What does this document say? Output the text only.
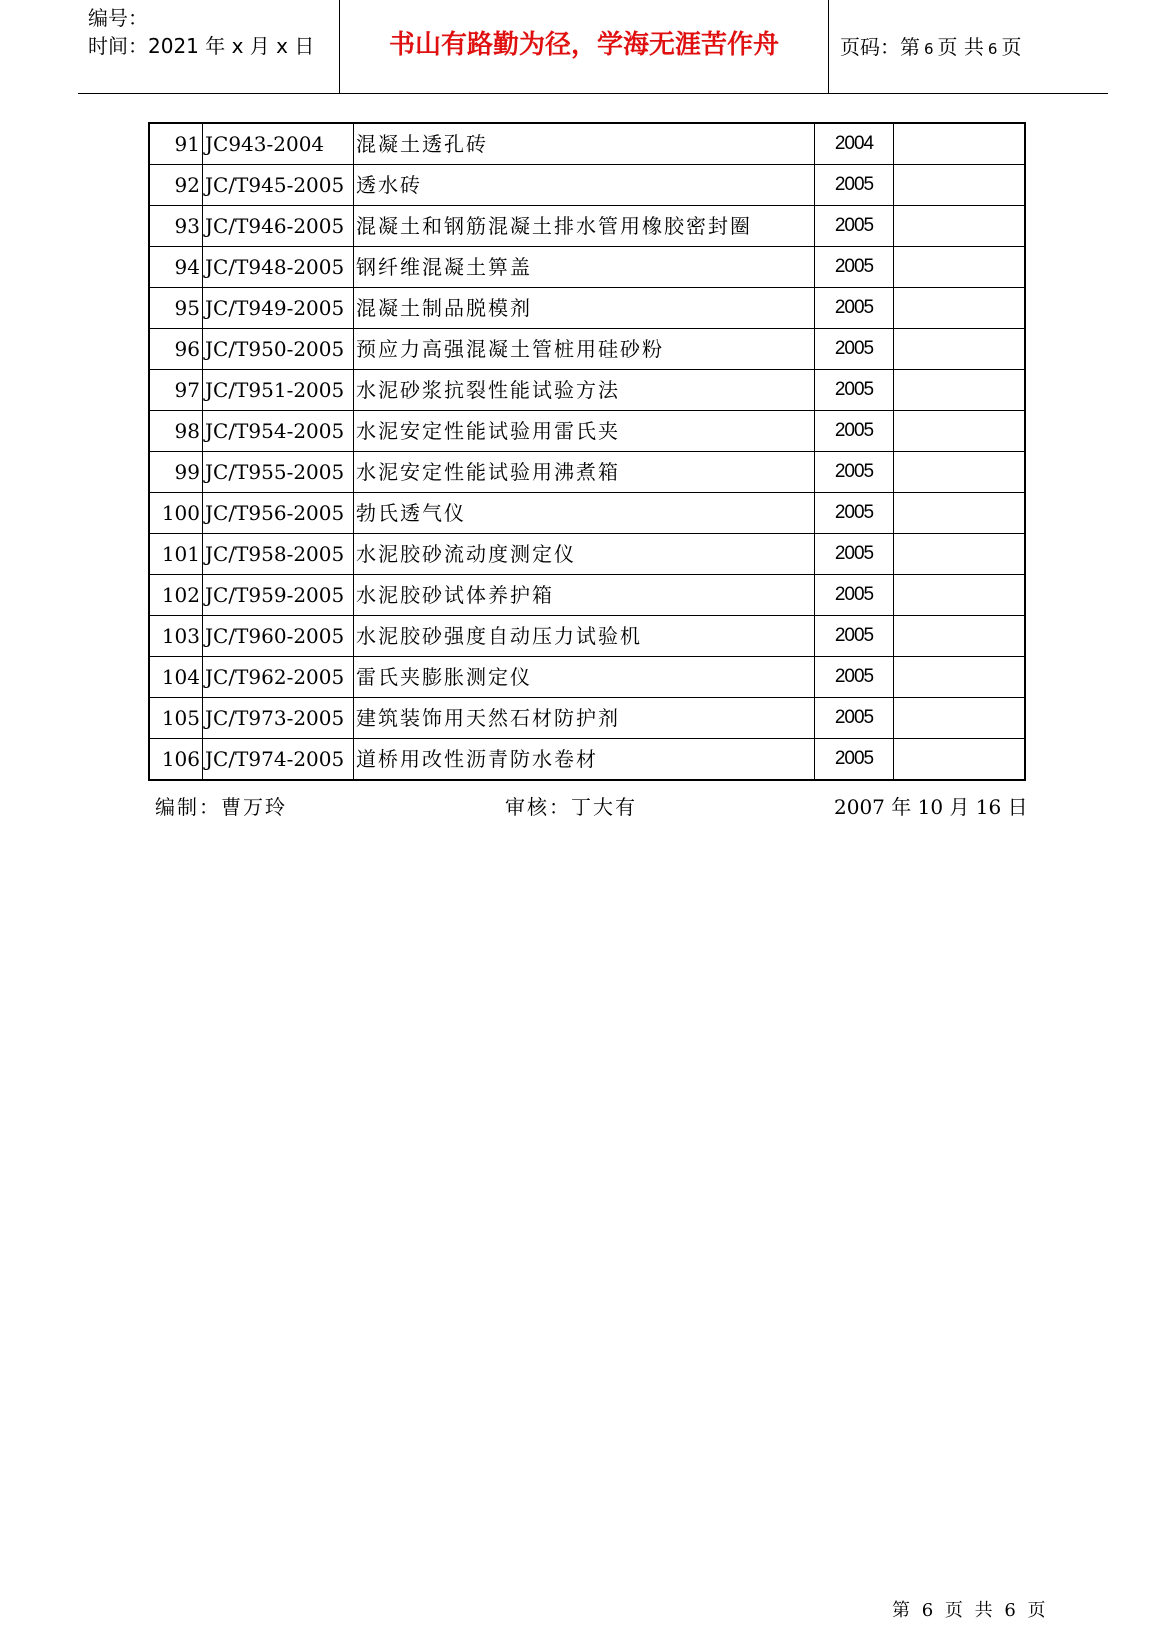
编号：
时间：2021 年 x 月 x 日	书山有路勤为径，学海无涯苦作舟	页码：第 6 页 共 6 页
91	JC943-2004	混凝土透孔砖	2004	
92	JC/T945-2005	透水砖	2005	
93	JC/T946-2005	混凝土和钢筋混凝土排水管用橡胶密封圈	2005	
94	JC/T948-2005	钢纤维混凝土箅盖	2005	
95	JC/T949-2005	混凝土制品脱模剂	2005	
96	JC/T950-2005	预应力高强混凝土管桩用硅砂粉	2005	
97	JC/T951-2005	水泥砂浆抗裂性能试验方法	2005	
98	JC/T954-2005	水泥安定性能试验用雷氏夹	2005	
99	JC/T955-2005	水泥安定性能试验用沸煮箱	2005	
100	JC/T956-2005	勃氏透气仪	2005	
101	JC/T958-2005	水泥胶砂流动度测定仪	2005	
102	JC/T959-2005	水泥胶砂试体养护箱	2005	
103	JC/T960-2005	水泥胶砂强度自动压力试验机	2005	
104	JC/T962-2005	雷氏夹膨胀测定仪	2005	
105	JC/T973-2005	建筑装饰用天然石材防护剂	2005	
106	JC/T974-2005	道桥用改性沥青防水卷材	2005	
编制：曹万玲	审核：丁大有	2007 年 10 月 16 日
第 6 页 共 6 页
